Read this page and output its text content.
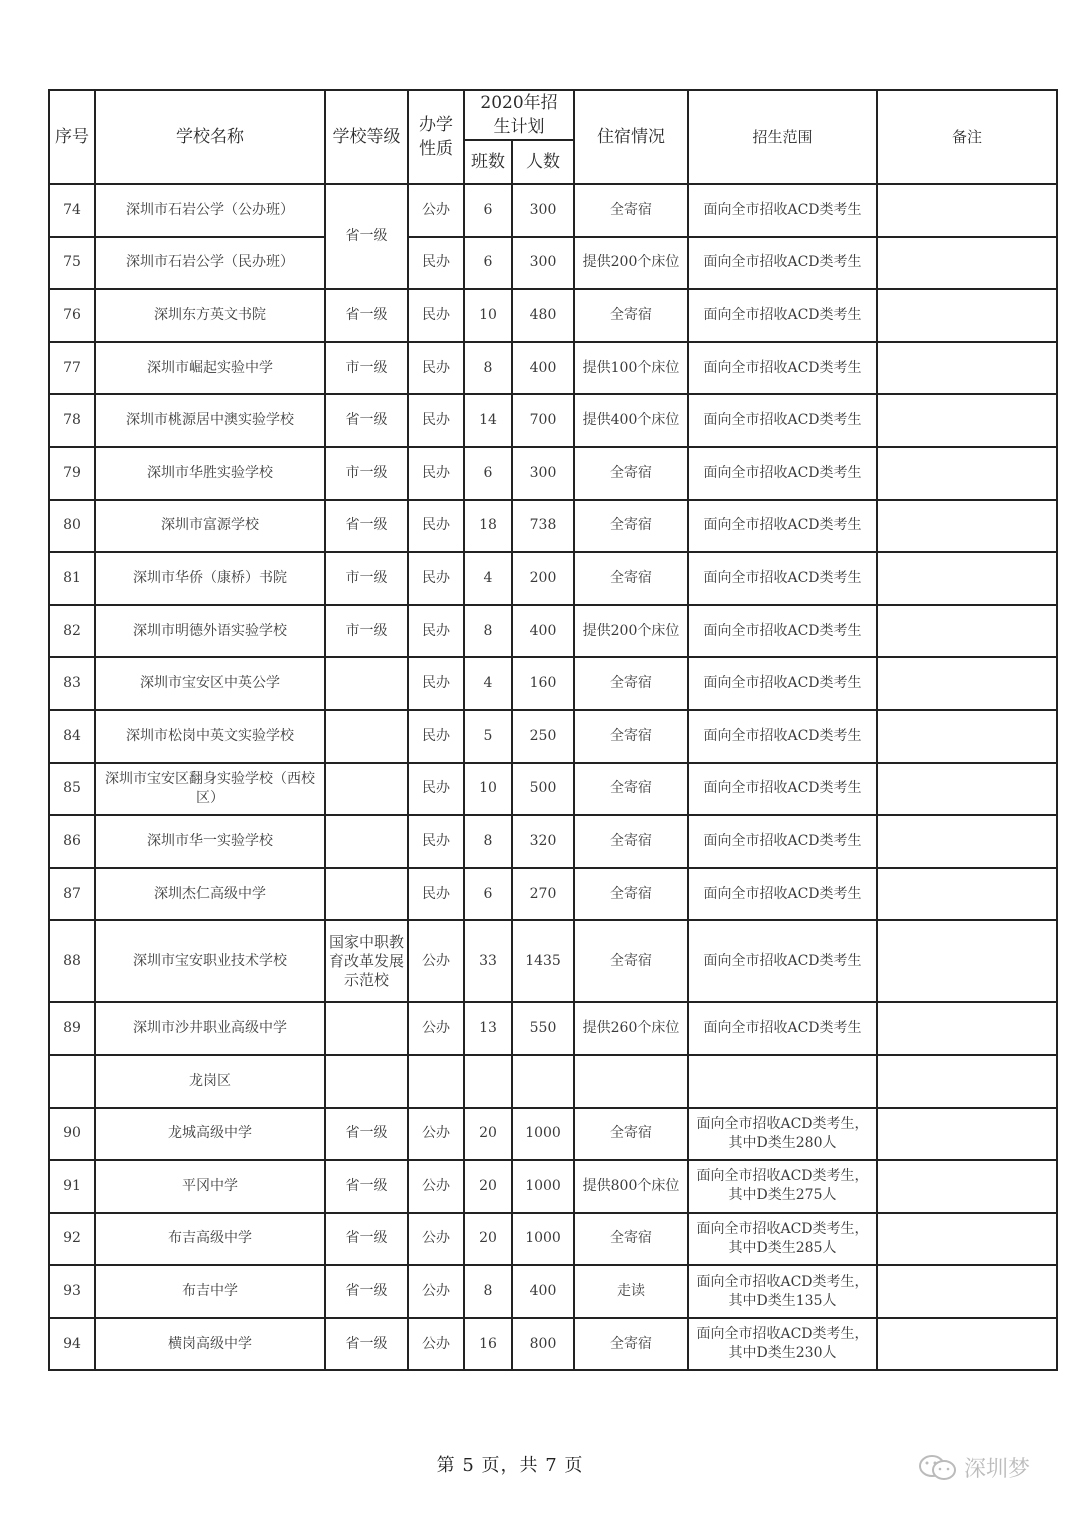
序号	学校名称	学校等级	办学性质	2020年招生计划		住宿情况	招生范围	备注
				班数	人数			
74	深圳市石岩公学（公办班）	省一级	公办	6	300	全寄宿	面向全市招收ACD类考生	
75	深圳市石岩公学（民办班）		民办	6	300	提供200个床位	面向全市招收ACD类考生	
76	深圳东方英文书院	省一级	民办	10	480	全寄宿	面向全市招收ACD类考生	
77	深圳市崛起实验中学	市一级	民办	8	400	提供100个床位	面向全市招收ACD类考生	
78	深圳市桃源居中澳实验学校	省一级	民办	14	700	提供400个床位	面向全市招收ACD类考生	
79	深圳市华胜实验学校	市一级	民办	6	300	全寄宿	面向全市招收ACD类考生	
80	深圳市富源学校	省一级	民办	18	738	全寄宿	面向全市招收ACD类考生	
81	深圳市华侨（康桥）书院	市一级	民办	4	200	全寄宿	面向全市招收ACD类考生	
82	深圳市明德外语实验学校	市一级	民办	8	400	提供200个床位	面向全市招收ACD类考生	
83	深圳市宝安区中英公学		民办	4	160	全寄宿	面向全市招收ACD类考生	
84	深圳市松岗中英文实验学校		民办	5	250	全寄宿	面向全市招收ACD类考生	
85	深圳市宝安区翻身实验学校（西校区）		民办	10	500	全寄宿	面向全市招收ACD类考生	
86	深圳市华一实验学校		民办	8	320	全寄宿	面向全市招收ACD类考生	
87	深圳杰仁高级中学		民办	6	270	全寄宿	面向全市招收ACD类考生	
88	深圳市宝安职业技术学校	国家中职教育改革发展示范校	公办	33	1435	全寄宿	面向全市招收ACD类考生	
89	深圳市沙井职业高级中学		公办	13	550	提供260个床位	面向全市招收ACD类考生	
	龙岗区							
90	龙城高级中学	省一级	公办	20	1000	全寄宿	面向全市招收ACD类考生，其中D类生280人	
91	平冈中学	省一级	公办	20	1000	提供800个床位	面向全市招收ACD类考生，其中D类生275人	
92	布吉高级中学	省一级	公办	20	1000	全寄宿	面向全市招收ACD类考生，其中D类生285人	
93	布吉中学	省一级	公办	8	400	走读	面向全市招收ACD类考生，其中D类生135人	
94	横岗高级中学	省一级	公办	16	800	全寄宿	面向全市招收ACD类考生，其中D类生230人	
第 5 页，共 7 页	深圳梦
